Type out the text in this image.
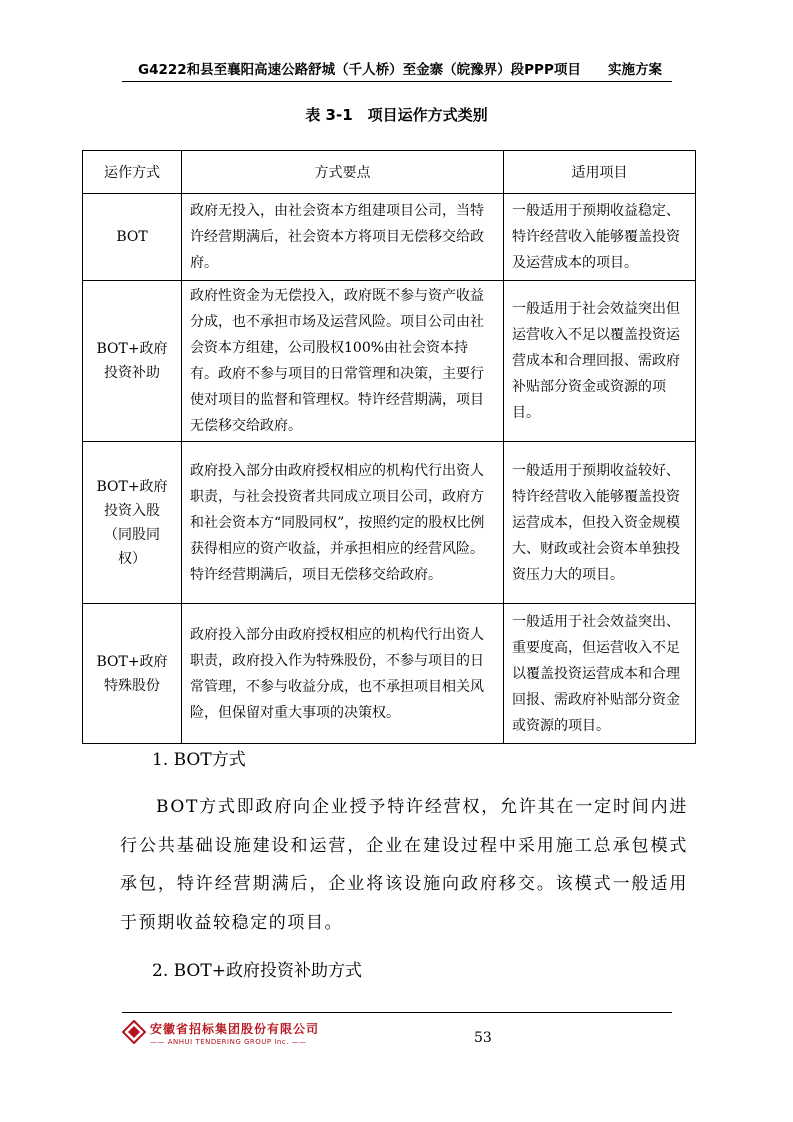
G4222和县至襄阳高速公路舒城（千人桥）至金寨（皖豫界）段PPP项目 实施方案
表 3-1　项目运作方式类别
运作方式	方式要点	适用项目
BOT	政府无投入，由社会资本方组建项目公司，当特许经营期满后，社会资本方将项目无偿移交给政府。	一般适用于预期收益稳定、特许经营收入能够覆盖投资及运营成本的项目。
BOT+政府投资补助	政府性资金为无偿投入，政府既不参与资产收益分成，也不承担市场及运营风险。项目公司由社会资本方组建，公司股权100%由社会资本持有。政府不参与项目的日常管理和决策，主要行使对项目的监督和管理权。特许经营期满，项目无偿移交给政府。	一般适用于社会效益突出但运营收入不足以覆盖投资运营成本和合理回报、需政府补贴部分资金或资源的项目。
BOT+政府投资入股（同股同权）	政府投入部分由政府授权相应的机构代行出资人职责，与社会投资者共同成立项目公司，政府方和社会资本方“同股同权”，按照约定的股权比例获得相应的资产收益，并承担相应的经营风险。特许经营期满后，项目无偿移交给政府。	一般适用于预期收益较好、特许经营收入能够覆盖投资运营成本，但投入资金规模大、财政或社会资本单独投资压力大的项目。
BOT+政府特殊股份	政府投入部分由政府授权相应的机构代行出资人职责，政府投入作为特殊股份，不参与项目的日常管理，不参与收益分成，也不承担项目相关风险，但保留对重大事项的决策权。	一般适用于社会效益突出、重要度高，但运营收入不足以覆盖投资运营成本和合理回报、需政府补贴部分资金或资源的项目。
1. BOT方式
BOT方式即政府向企业授予特许经营权，允许其在一定时间内进行公共基础设施建设和运营，企业在建设过程中采用施工总承包模式承包，特许经营期满后，企业将该设施向政府移交。该模式一般适用于预期收益较稳定的项目。
2. BOT+政府投资补助方式
安徽省招标集团股份有限公司
—— ANHUI TENDERING GROUP Inc. ——	53
